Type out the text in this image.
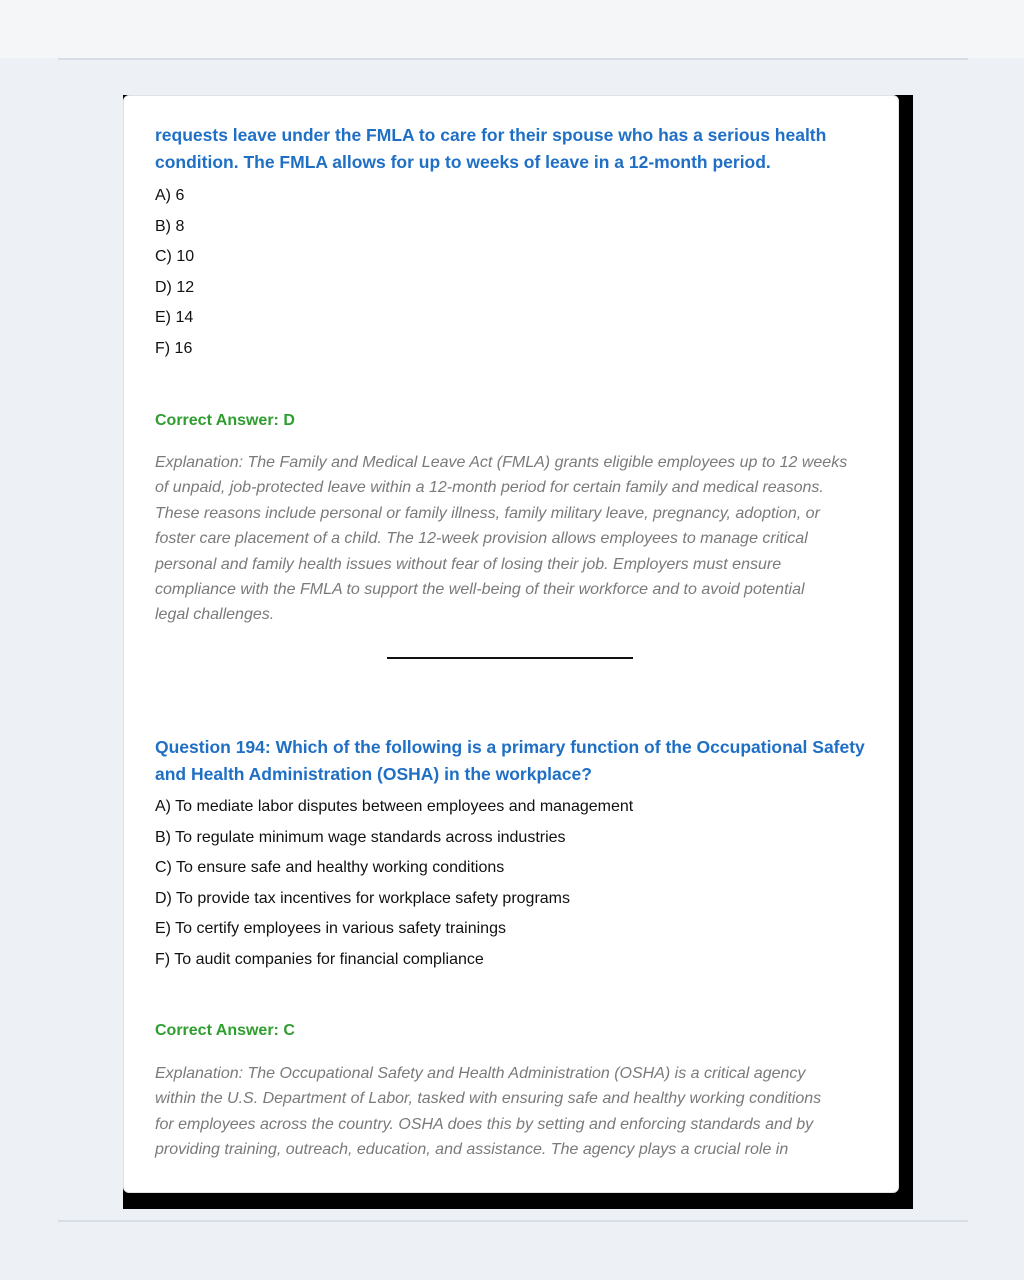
requests leave under the FMLA to care for their spouse who has a serious health
condition. The FMLA allows for up to weeks of leave in a 12-month period.

A) 6
B) 8
C) 10
D) 12
E) 14
F) 16

Correct Answer: D

Explanation: The Family and Medical Leave Act (FMLA) grants eligible employees up to 12 weeks
of unpaid, job-protected leave within a 12-month period for certain family and medical reasons.
These reasons include personal or family illness, family military leave, pregnancy, adoption, or
foster care placement of a child. The 12-week provision allows employees to manage critical
personal and family health issues without fear of losing their job. Employers must ensure
compliance with the FMLA to support the well-being of their workforce and to avoid potential
legal challenges.

Question 194: Which of the following is a primary function of the Occupational Safety
and Health Administration (OSHA) in the workplace?

A) To mediate labor disputes between employees and management
B) To regulate minimum wage standards across industries
C) To ensure safe and healthy working conditions
D) To provide tax incentives for workplace safety programs
E) To certify employees in various safety trainings
F) To audit companies for financial compliance

Correct Answer: C

Explanation: The Occupational Safety and Health Administration (OSHA) is a critical agency
within the U.S. Department of Labor, tasked with ensuring safe and healthy working conditions
for employees across the country. OSHA does this by setting and enforcing standards and by
providing training, outreach, education, and assistance. The agency plays a crucial role in
